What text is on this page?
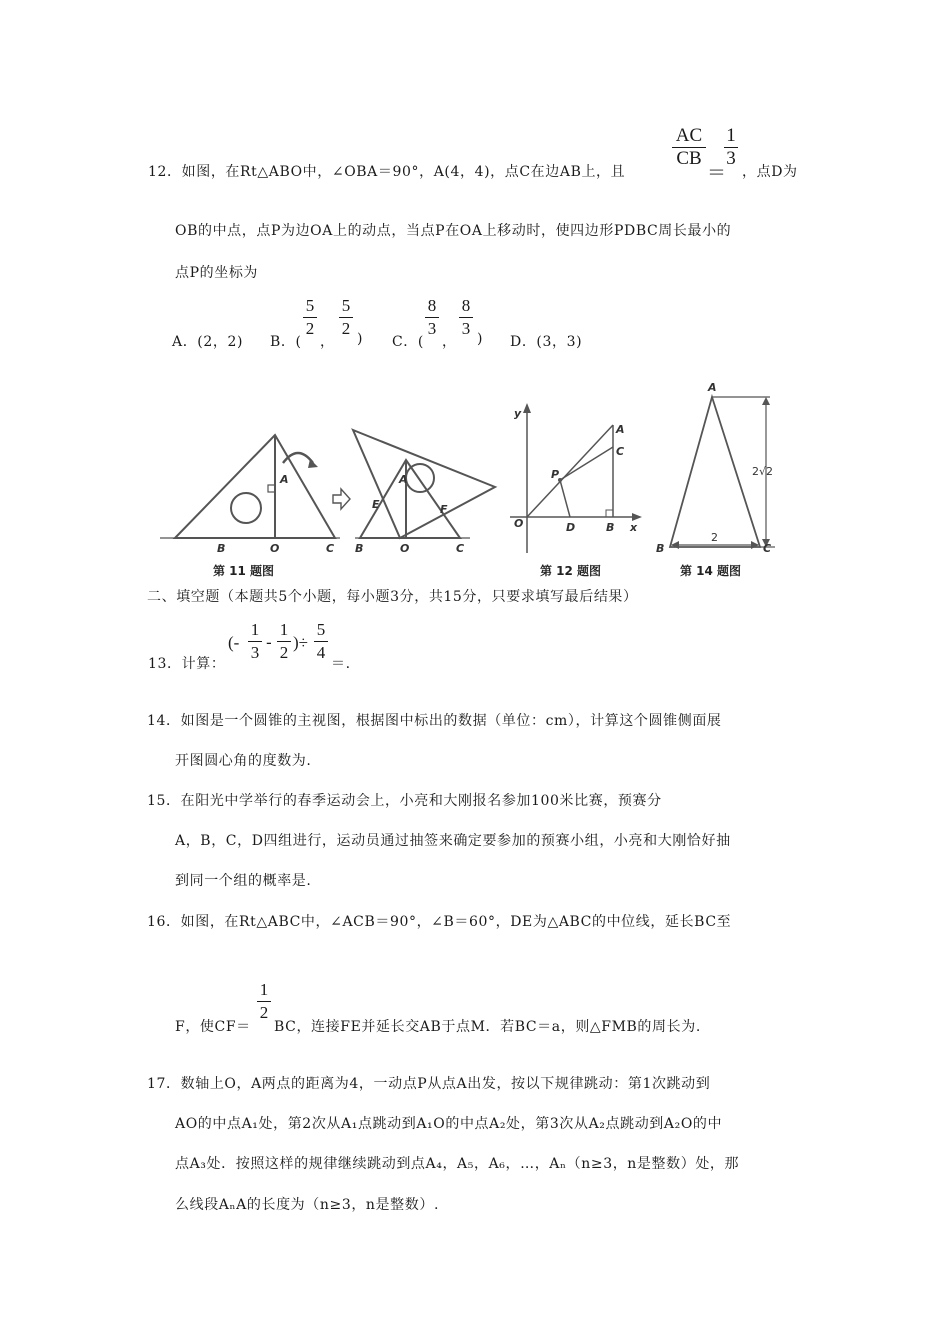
12．如图，在Rt△ABO中，∠OBA＝90°，A(4，4)，点C在边AB上，且
AC
CB
＝
1
3
，点D为
OB的中点，点P为边OA上的动点，当点P在OA上移动时，使四边形PDBC周长最小的
点P的坐标为
A．(2，2) B．(
5
2
，
5
2
) C．(
8
3
，
8
3
) D．(3，3)
A
B	O	C
A
E	F
B	O	C
y
A
C
P
O	D	B x
A
B	C
2√2
2
第 11 题图	第 12 题图	第 14 题图
二、填空题（本题共5个小题，每小题3分，共15分，只要求填写最后结果）
13．计算：
(-
1
3 -
1
2
)÷
5
4
＝.
14．如图是一个圆锥的主视图，根据图中标出的数据（单位：cm），计算这个圆锥侧面展
开图圆心角的度数为.
15．在阳光中学举行的春季运动会上，小亮和大刚报名参加100米比赛，预赛分
A，B，C，D四组进行，运动员通过抽签来确定要参加的预赛小组，小亮和大刚恰好抽
到同一个组的概率是.
16．如图，在Rt△ABC中，∠ACB＝90°，∠B＝60°，DE为△ABC的中位线，延长BC至
F，使CF＝
1
2
BC，连接FE并延长交AB于点M．若BC＝a，则△FMB的周长为.
17．数轴上O，A两点的距离为4，一动点P从点A出发，按以下规律跳动：第1次跳动到
AO的中点A₁处，第2次从A₁点跳动到A₁O的中点A₂处，第3次从A₂点跳动到A₂O的中
点A₃处．按照这样的规律继续跳动到点A₄，A₅，A₆，…，Aₙ（n≥3，n是整数）处，那
么线段AₙA的长度为（n≥3，n是整数）.
